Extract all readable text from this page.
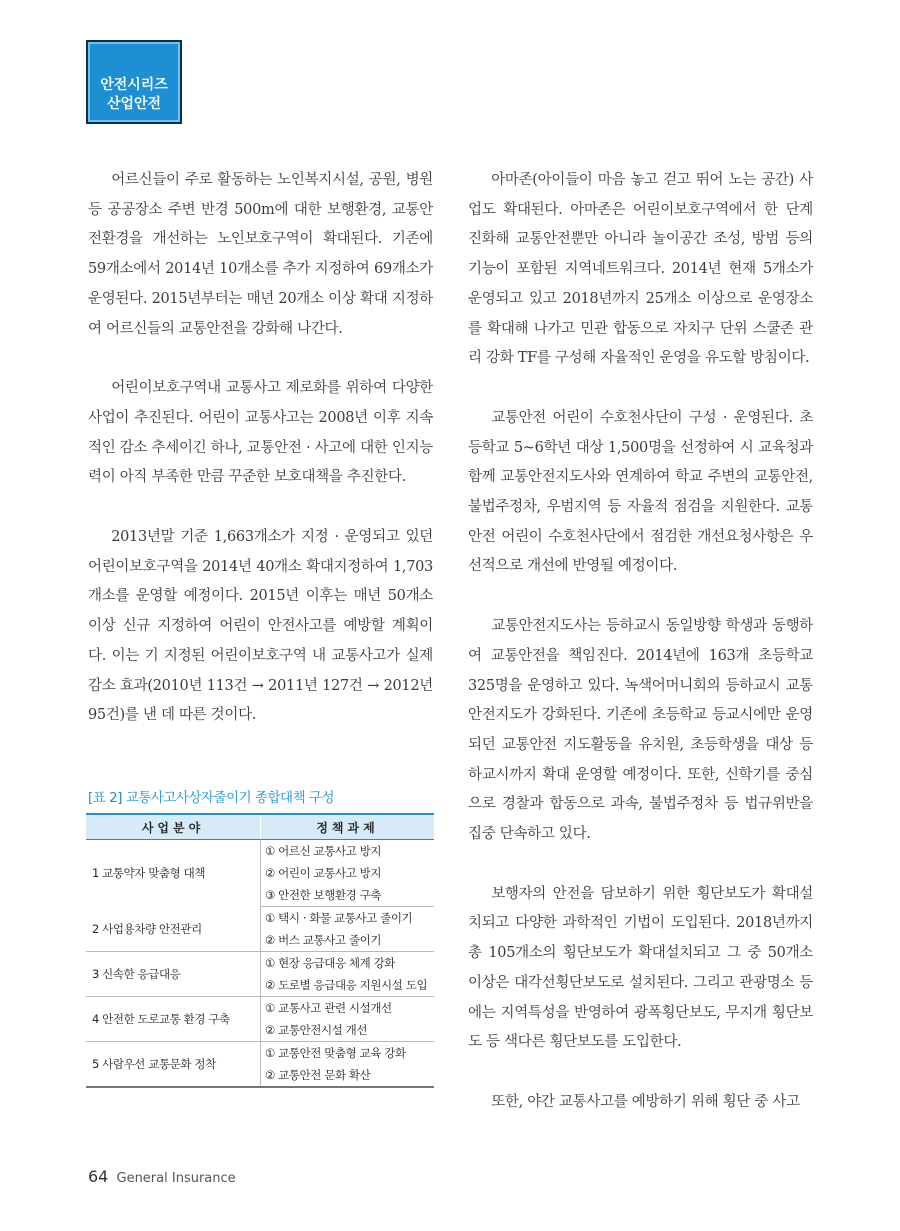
안전시리즈
산업안전

어르신들이 주로 활동하는 노인복지시설, 공원, 병원 등 공공장소 주변 반경 500m에 대한 보행환경, 교통안전환경을 개선하는 노인보호구역이 확대된다. 기존에 59개소에서 2014년 10개소를 추가 지정하여 69개소가 운영된다. 2015년부터는 매년 20개소 이상 확대 지정하여 어르신들의 교통안전을 강화해 나간다.

어린이보호구역내 교통사고 제로화를 위하여 다양한 사업이 추진된다. 어린이 교통사고는 2008년 이후 지속적인 감소 추세이긴 하나, 교통안전 · 사고에 대한 인지능력이 아직 부족한 만큼 꾸준한 보호대책을 추진한다.

2013년말 기준 1,663개소가 지정 · 운영되고 있던 어린이보호구역을 2014년 40개소 확대지정하여 1,703개소를 운영할 예정이다. 2015년 이후는 매년 50개소 이상 신규 지정하여 어린이 안전사고를 예방할 계획이다. 이는 기 지정된 어린이보호구역 내 교통사고가 실제 감소 효과(2010년 113건 → 2011년 127건 → 2012년 95건)를 낸 데 따른 것이다.

[표 2] 교통사고사상자줄이기 종합대책 구성
사업분야	정책과제
1 교통약자 맞춤형 대책	① 어르신 교통사고 방지
	② 어린이 교통사고 방지
	③ 안전한 보행환경 구축
2 사업용차량 안전관리	① 택시 · 화물 교통사고 줄이기
	② 버스 교통사고 줄이기
3 신속한 응급대응	① 현장 응급대응 체계 강화
	② 도로별 응급대응 지원시설 도입
4 안전한 도로교통 환경 구축	① 교통사고 관련 시설개선
	② 교통안전시설 개선
5 사람우선 교통문화 정착	① 교통안전 맞춤형 교육 강화
	② 교통안전 문화 확산

아마존(아이들이 마음 놓고 걷고 뛰어 노는 공간) 사업도 확대된다. 아마존은 어린이보호구역에서 한 단계 진화해 교통안전뿐만 아니라 놀이공간 조성, 방범 등의 기능이 포함된 지역네트워크다. 2014년 현재 5개소가 운영되고 있고 2018년까지 25개소 이상으로 운영장소를 확대해 나가고 민관 합동으로 자치구 단위 스쿨존 관리 강화 TF를 구성해 자율적인 운영을 유도할 방침이다.

교통안전 어린이 수호천사단이 구성 · 운영된다. 초등학교 5~6학년 대상 1,500명을 선정하여 시 교육청과 함께 교통안전지도사와 연계하여 학교 주변의 교통안전, 불법주정차, 우범지역 등 자율적 점검을 지원한다. 교통안전 어린이 수호천사단에서 점검한 개선요청사항은 우선적으로 개선에 반영될 예정이다.

교통안전지도사는 등하교시 동일방향 학생과 동행하여 교통안전을 책임진다. 2014년에 163개 초등학교 325명을 운영하고 있다. 녹색어머니회의 등하교시 교통안전지도가 강화된다. 기존에 초등학교 등교시에만 운영되던 교통안전 지도활동을 유치원, 초등학생을 대상 등하교시까지 확대 운영할 예정이다. 또한, 신학기를 중심으로 경찰과 합동으로 과속, 불법주정차 등 법규위반을 집중 단속하고 있다.

보행자의 안전을 담보하기 위한 횡단보도가 확대설치되고 다양한 과학적인 기법이 도입된다. 2018년까지 총 105개소의 횡단보도가 확대설치되고 그 중 50개소 이상은 대각선횡단보도로 설치된다. 그리고 관광명소 등에는 지역특성을 반영하여 광폭횡단보도, 무지개 횡단보도 등 색다른 횡단보도를 도입한다.

또한, 야간 교통사고를 예방하기 위해 횡단 중 사고

64 General Insurance
